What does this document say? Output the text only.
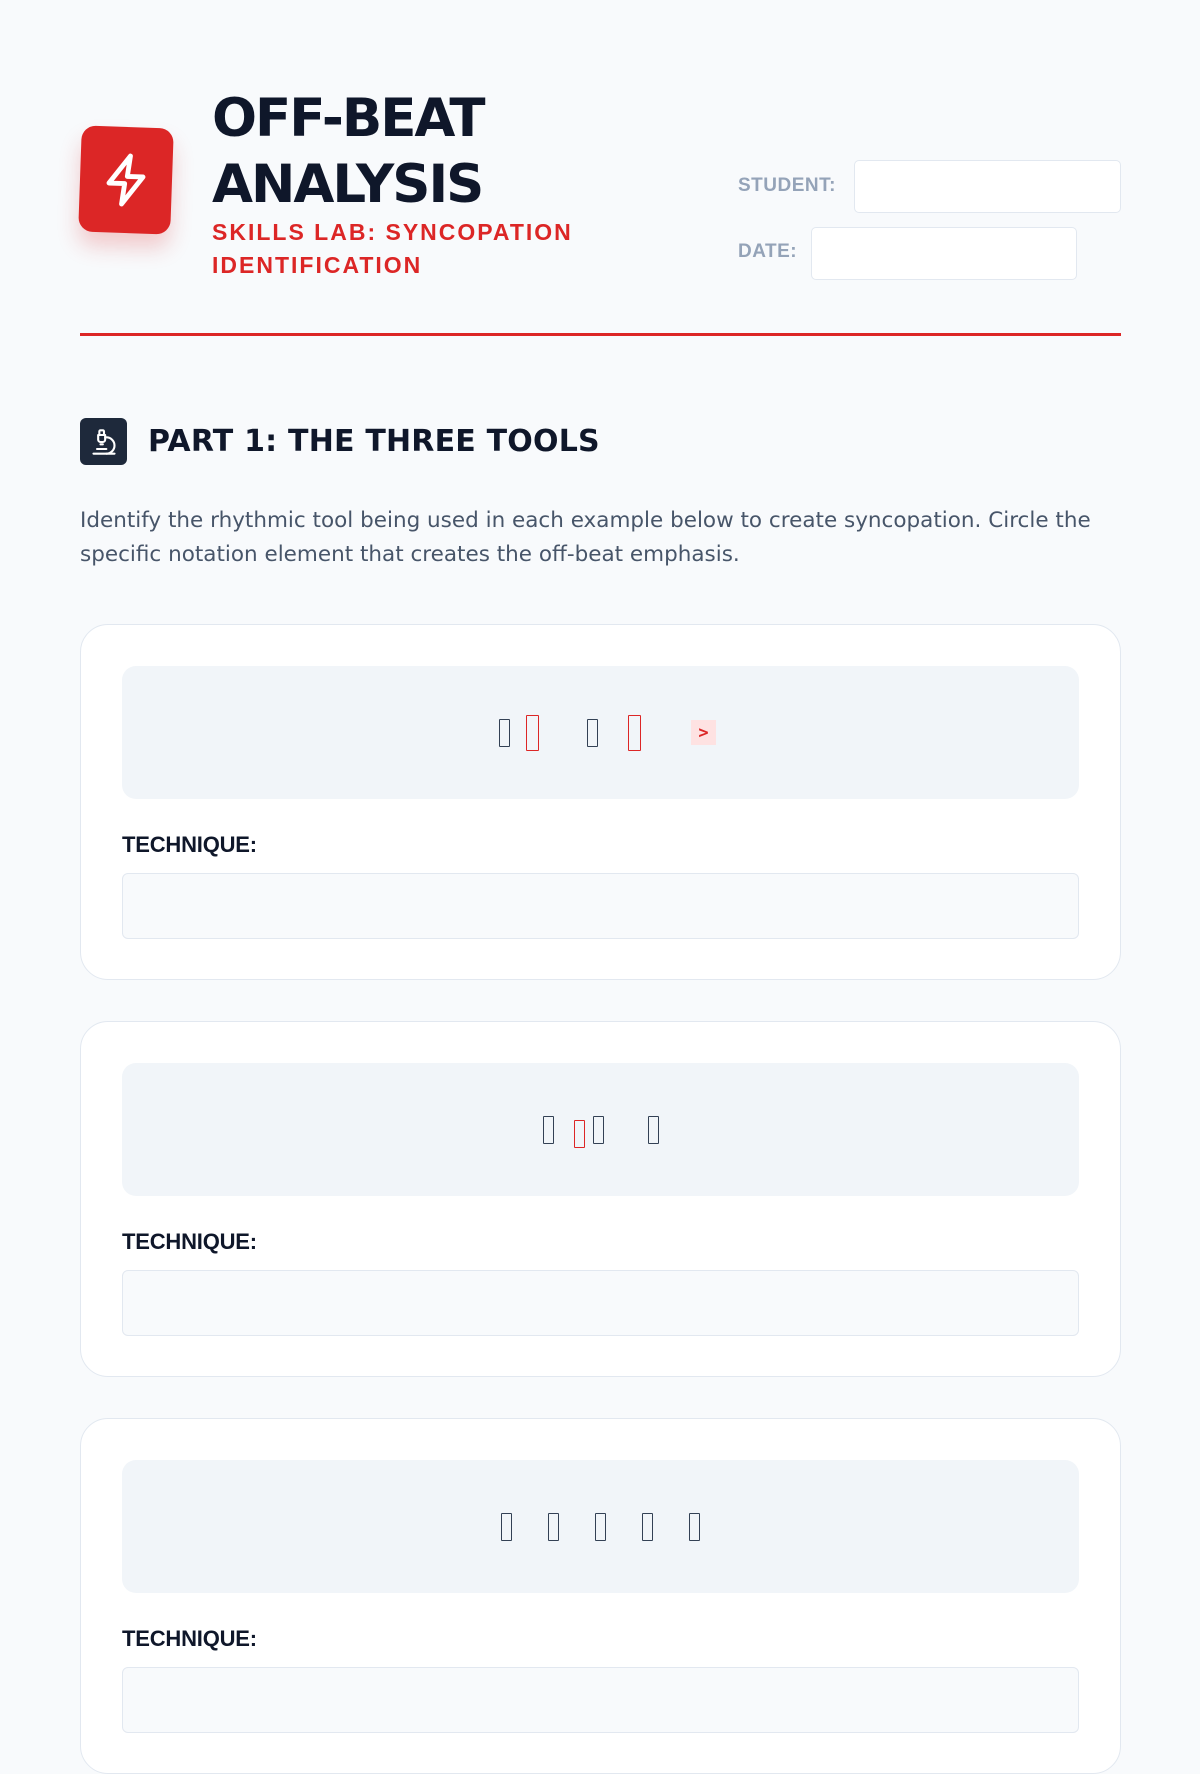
OFF-BEAT
ANALYSIS
SKILLS LAB: SYNCOPATION
IDENTIFICATION
STUDENT:
DATE:
PART 1: THE THREE TOOLS

Identify the rhythmic tool being used in each example below to create syncopation. Circle the specific notation element that creates the off-beat emphasis.

>
TECHNIQUE:
TECHNIQUE:
TECHNIQUE:
